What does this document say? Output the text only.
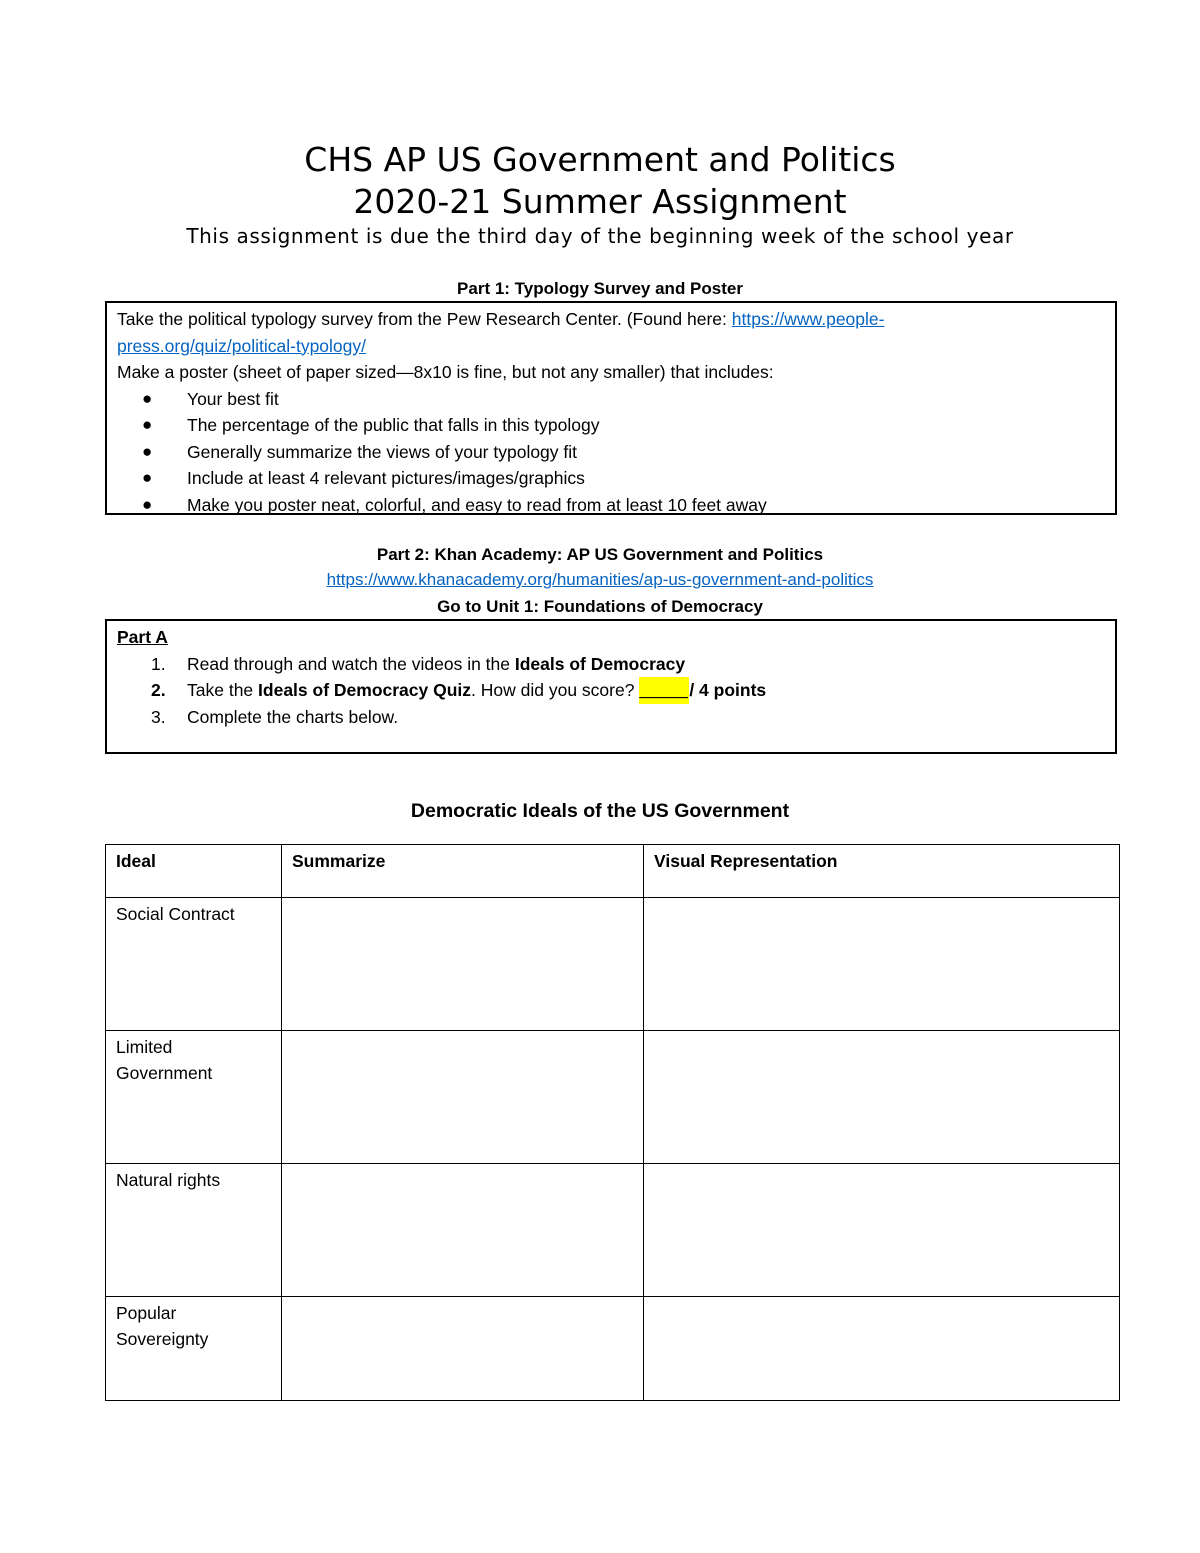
CHS AP US Government and Politics
2020-21 Summer Assignment
This assignment is due the third day of the beginning week of the school year
Part 1: Typology Survey and Poster
Take the political typology survey from the Pew Research Center. (Found here: https://www.people-
press.org/quiz/political-typology/
Make a poster (sheet of paper sized—8x10 is fine, but not any smaller) that includes:
● Your best fit
● The percentage of the public that falls in this typology
● Generally summarize the views of your typology fit
● Include at least 4 relevant pictures/images/graphics
● Make you poster neat, colorful, and easy to read from at least 10 feet away
Part 2: Khan Academy: AP US Government and Politics
https://www.khanacademy.org/humanities/ap-us-government-and-politics
Go to Unit 1: Foundations of Democracy
Part A
1. Read through and watch the videos in the Ideals of Democracy
2. Take the Ideals of Democracy Quiz. How did you score? _____/ 4 points
3. Complete the charts below.
Democratic Ideals of the US Government
Ideal	Summarize	Visual Representation
Social Contract		

Limited
Government		

Natural rights		

Popular
Sovereignty		
